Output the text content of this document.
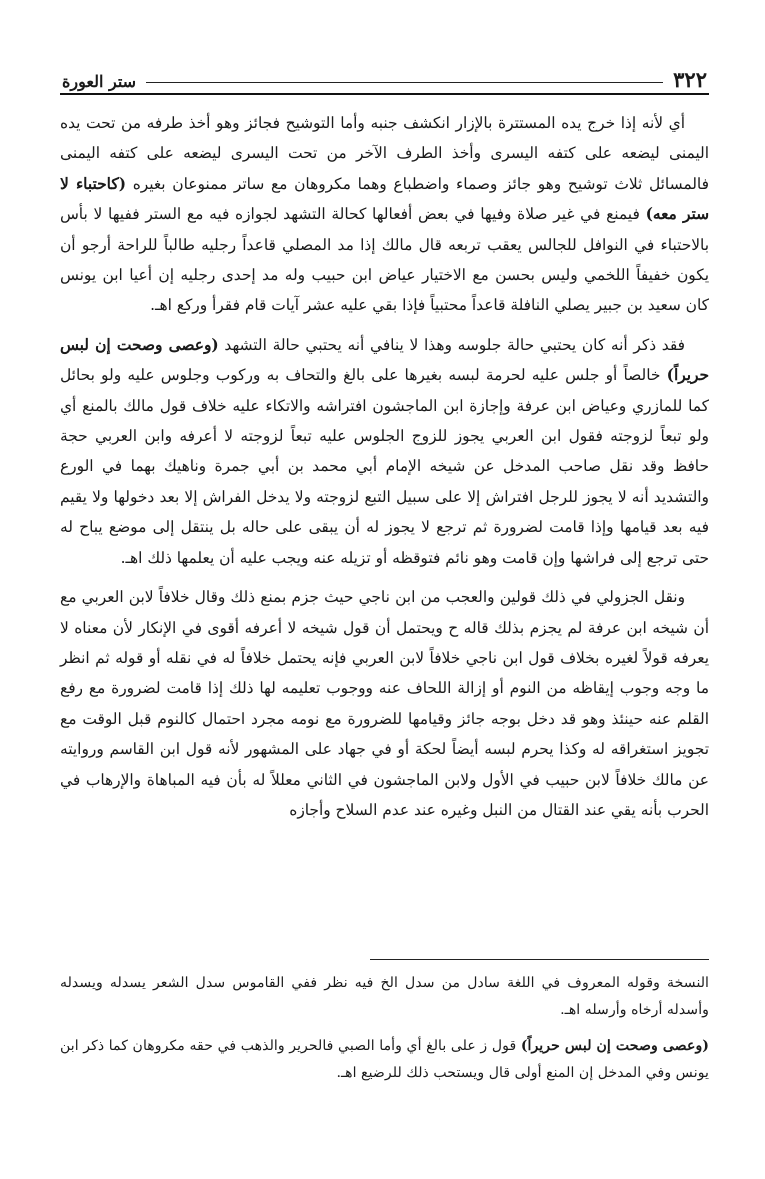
٣٢٢
ستر العورة

أي لأنه إذا خرج يده المستترة بالإزار انكشف جنبه وأما التوشيح فجائز وهو أخذ طرفه من تحت يده اليمنى ليضعه على كتفه اليسرى وأخذ الطرف الآخر من تحت اليسرى ليضعه على كتفه اليمنى فالمسائل ثلاث توشيح وهو جائز وصماء واضطباع وهما مكروهان مع ساتر ممنوعان بغيره (كاحتباء لا ستر معه) فيمنع في غير صلاة وفيها في بعض أفعالها كحالة التشهد لجوازه فيه مع الستر ففيها لا بأس بالاحتباء في النوافل للجالس يعقب تربعه قال مالك إذا مد المصلي قاعداً رجليه طالباً للراحة أرجو أن يكون خفيفاً اللخمي وليس بحسن مع الاختيار عياض ابن حبيب وله مد إحدى رجليه إن أعيا ابن يونس كان سعيد بن جبير يصلي النافلة قاعداً محتبياً فإذا بقي عليه عشر آيات قام فقرأ وركع اهـ.

فقد ذكر أنه كان يحتبي حالة جلوسه وهذا لا ينافي أنه يحتبي حالة التشهد (وعصى وصحت إن لبس حريراً) خالصاً أو جلس عليه لحرمة لبسه بغيرها على بالغ والتحاف به وركوب وجلوس عليه ولو بحائل كما للمازري وعياض ابن عرفة وإجازة ابن الماجشون افتراشه والاتكاء عليه خلاف قول مالك بالمنع أي ولو تبعاً لزوجته فقول ابن العربي يجوز للزوج الجلوس عليه تبعاً لزوجته لا أعرفه وابن العربي حجة حافظ وقد نقل صاحب المدخل عن شيخه الإمام أبي محمد بن أبي جمرة وناهيك بهما في الورع والتشديد أنه لا يجوز للرجل افتراش إلا على سبيل التبع لزوجته ولا يدخل الفراش إلا بعد دخولها ولا يقيم فيه بعد قيامها وإذا قامت لضرورة ثم ترجع لا يجوز له أن يبقى على حاله بل ينتقل إلى موضع يباح له حتى ترجع إلى فراشها وإن قامت وهو نائم فتوقظه أو تزيله عنه ويجب عليه أن يعلمها ذلك اهـ.

ونقل الجزولي في ذلك قولين والعجب من ابن ناجي حيث جزم بمنع ذلك وقال خلافاً لابن العربي مع أن شيخه ابن عرفة لم يجزم بذلك قاله ح ويحتمل أن قول شيخه لا أعرفه أقوى في الإنكار لأن معناه لا يعرفه قولاً لغيره بخلاف قول ابن ناجي خلافاً لابن العربي فإنه يحتمل خلافاً له في نقله أو قوله ثم انظر ما وجه وجوب إيقاظه من النوم أو إزالة اللحاف عنه ووجوب تعليمه لها ذلك إذا قامت لضرورة مع رفع القلم عنه حينئذ وهو قد دخل بوجه جائز وقيامها للضرورة مع نومه مجرد احتمال كالنوم قبل الوقت مع تجويز استغراقه له وكذا يحرم لبسه أيضاً لحكة أو في جهاد على المشهور لأنه قول ابن القاسم وروايته عن مالك خلافاً لابن حبيب في الأول ولابن الماجشون في الثاني معللاً له بأن فيه المباهاة والإرهاب في الحرب بأنه يقي عند القتال من النبل وغيره عند عدم السلاح وأجازه

النسخة وقوله المعروف في اللغة سادل من سدل الخ فيه نظر ففي القاموس سدل الشعر يسدله ويسدله وأسدله أرخاه وأرسله اهـ.

(وعصى وصحت إن لبس حريراً) قول ز على بالغ أي وأما الصبي فالحرير والذهب في حقه مكروهان كما ذكر ابن يونس وفي المدخل إن المنع أولى قال ويستحب ذلك للرضيع اهـ.
